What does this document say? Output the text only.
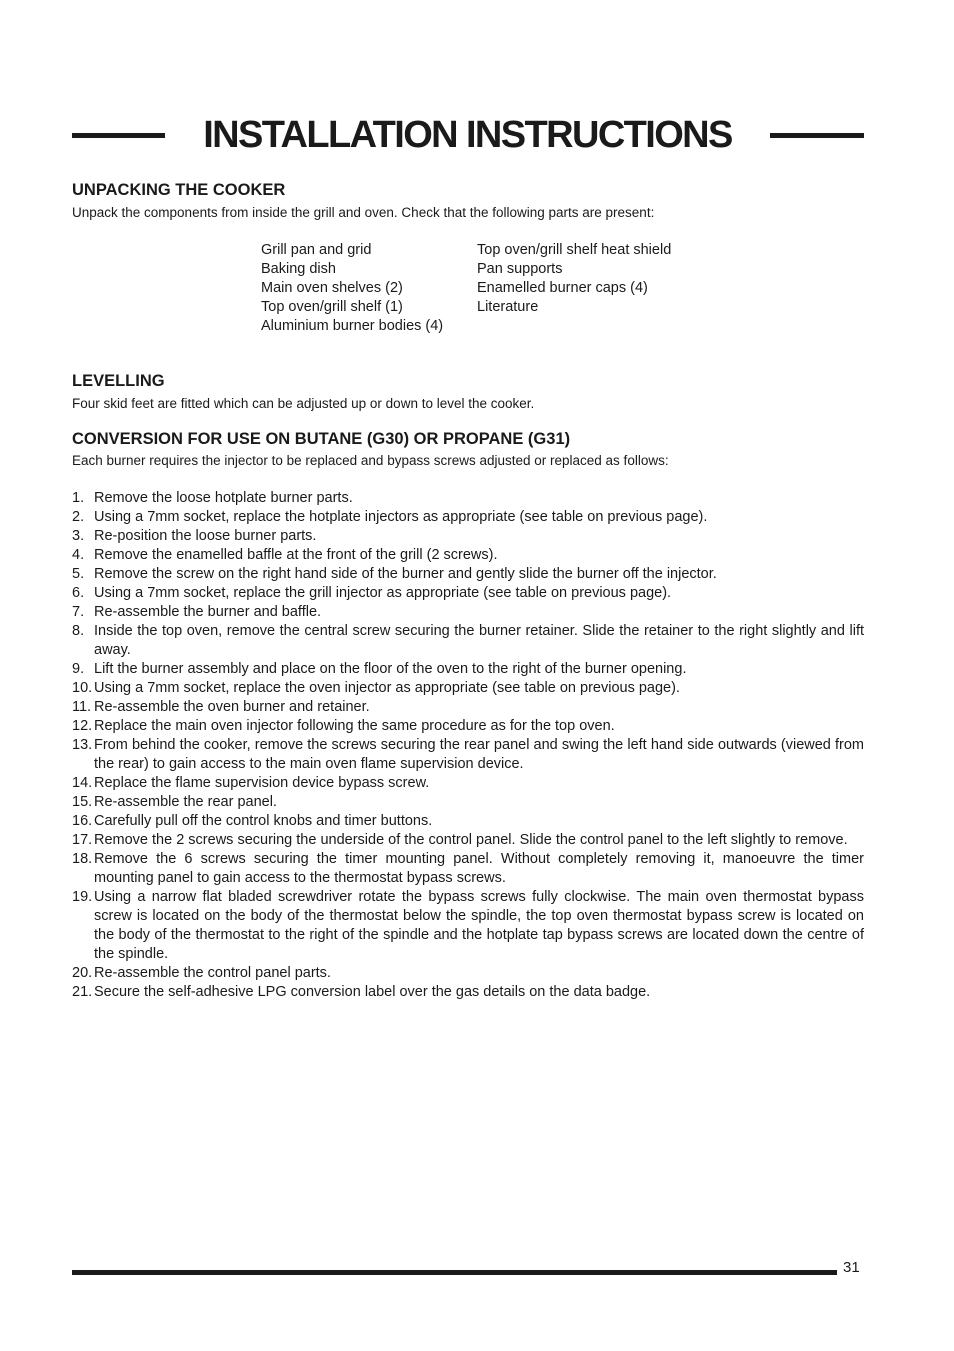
INSTALLATION INSTRUCTIONS
UNPACKING THE COOKER

Unpack the components from inside the grill and oven. Check that the following parts are present:

Grill pan and grid
Baking dish
Main oven shelves (2)
Top oven/grill shelf (1)
Aluminium burner bodies (4)
Top oven/grill shelf heat shield
Pan supports
Enamelled burner caps (4)
Literature
LEVELLING

Four skid feet are fitted which can be adjusted up or down to level the cooker.

CONVERSION FOR USE ON BUTANE (G30) OR PROPANE (G31)

Each burner requires the injector to be replaced and bypass screws adjusted or replaced as follows:

1. Remove the loose hotplate burner parts.
2. Using a 7mm socket, replace the hotplate injectors as appropriate (see table on previous page).
3. Re-position the loose burner parts.
4. Remove the enamelled baffle at the front of the grill (2 screws).
5. Remove the screw on the right hand side of the burner and gently slide the burner off the injector.
6. Using a 7mm socket, replace the grill injector as appropriate (see table on previous page).
7. Re-assemble the burner and baffle.
8. Inside the top oven, remove the central screw securing the burner retainer. Slide the retainer to the right slightly and lift away.
9. Lift the burner assembly and place on the floor of the oven to the right of the burner opening.
10. Using a 7mm socket, replace the oven injector as appropriate (see table on previous page).
11. Re-assemble the oven burner and retainer.
12. Replace the main oven injector following the same procedure as for the top oven.
13. From behind the cooker, remove the screws securing the rear panel and swing the left hand side outwards (viewed from the rear) to gain access to the main oven flame supervision device.
14. Replace the flame supervision device bypass screw.
15. Re-assemble the rear panel.
16. Carefully pull off the control knobs and timer buttons.
17. Remove the 2 screws securing the underside of the control panel. Slide the control panel to the left slightly to remove.
18. Remove the 6 screws securing the timer mounting panel. Without completely removing it, manoeuvre the timer mounting panel to gain access to the thermostat bypass screws.
19. Using a narrow flat bladed screwdriver rotate the bypass screws fully clockwise. The main oven thermostat bypass screw is located on the body of the thermostat below the spindle, the top oven thermostat bypass screw is located on the body of the thermostat to the right of the spindle and the hotplate tap bypass screws are located down the centre of the spindle.
20. Re-assemble the control panel parts.
21. Secure the self-adhesive LPG conversion label over the gas details on the data badge.
31
